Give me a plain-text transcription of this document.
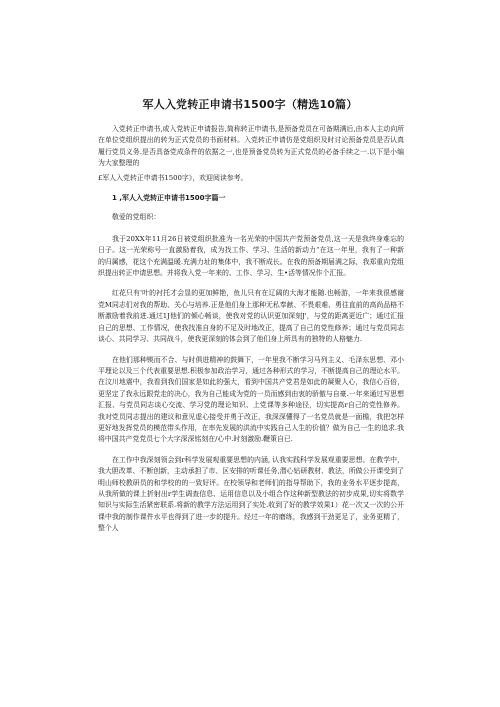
军人入党转正申请书1500字（精选10篇）

入党转正申请书,或入党转正申请报告,简称转正申请书,是预备党员在可备期满后,由本人主动向所在单位党组织提出的转为正式党员的书面材料。入党转正申请仿是党组织及时讨论预备党员是否认真履行党员义务.是否具备党成条件的依据之一,也是预备党员转为正式党员的必备手续之一.以下是小编为大家整理的

£军人入党转正申请书1500字》，欢迎阅读参考。

1 ,军人入党转正申请书1500字篇一

敬爱的党组织：

我于20XX年11月26日被党组织批准为一名光荣的中国共产党预备党员,这一天是我终身难忘的日子。这一光荣称号一直激励着我，成为找工作、学习、生活的新动力“在这一年里，我有了一种新的归属感，花这个充满温暖.充满力址的集体中，我不断成长。在我的预备期届满之际，我郑重向党组织提出转正申请思想。并将我入党一年来的、工作、学习、生•活等情况作个汇报。

红花只有'叶的衬托才会显的更加鲜艳，鱼儿只有在辽阔的大海才能随.也畅游，一年来我很感谢党M同志们对我的帮助、关心与培养.正是他们身上那种无私奉献、不畏艰难、勇往直前的高尚品格不断激励着我前进.通过1J他们的倾心畅谈，使我对党的认识更加深刻J'，与党的距离更近广；通过汇报自己的思想、工作情况，使我找准自身的不足及时地改正，提高了自己的党性修养；通过与党员同志谈心、共同学习、共同战斗，使我更深刻的体会到了他们身上所具有的独特的人格魅力.

在他们那种锲而不合、与时俱进精神的鼓舞下，一年里我不断学习马列主义、毛泽东思想、邓小平理论以及三个代表重要思想.积极参加政治学习，通过各种形式的学习，不断提高自己的理论水平。在汶川地震中，我看到我们国家是如此的强大，看到中国共产党君是如此的凝聚人心，我信心百倍，更坚定了我永远跟党走的决心，我为自己能成为党的一员而感到由衷的骄傲与自豪.一年来通过写思想汇报、与党员同志谈心交流、学习党的理论知识、上党课等多种途径，切实提高r自己的党性修养。我对党员同志提出的建议和意见虚心接受并勇于改正，我深深懂得了一名党员就是一面檐，我把怎样更好地发挥党员的模范带头作用，在率先发展的洪流中实践自己人生的价值？做为自己一生的追求.我将中国共产党党员七个大字深深铭刻在/心中.时刻激励.鞭策自已.

在工作中我深刻领会到r科学发展观重要思想的内涵, 认我实践科学发展观重要思想。在教学中，我大胆改革、不断创新，主动承担了市、区安排的听课任务,潜心钻研教材、教法，所做公开课受到了明山师校教研员的和学校的的一致好评。在校领导和老师们的指导帮助下，我的业务水平逐步提高，从我所做的课上折射出r学生调查信息、运用信息以及小组合作这种新型教法的初步成果,切实将数学知识与实际生活紧密联系.将新的教学方法运用到了实处.收到了好的教学效果1）花一次又一次的公开课中我的制作课件水平也得到了进一步的提升。经过一年的磨练，我感到干劲更足了，业务更精了，整个人
